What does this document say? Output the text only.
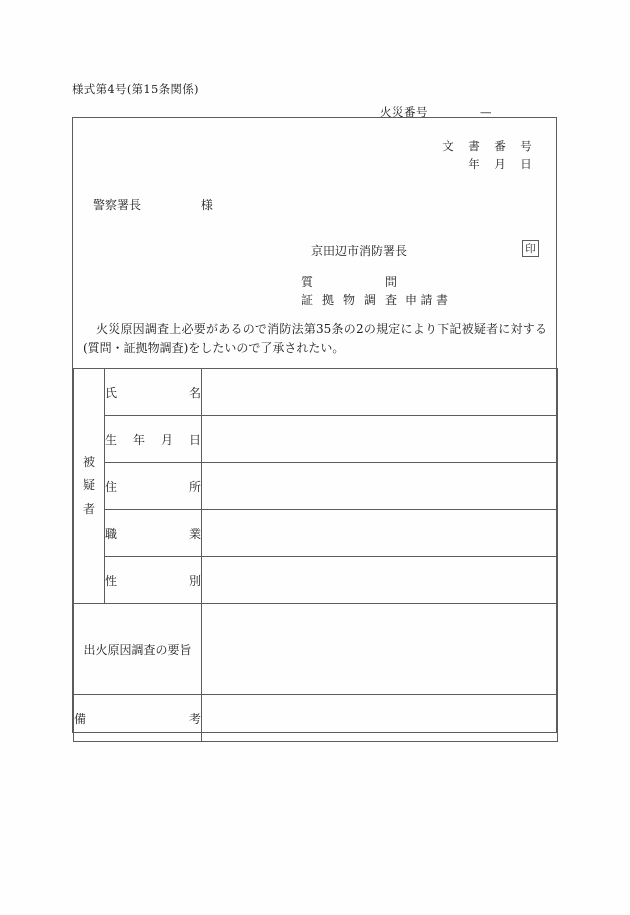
様式第4号(第15条関係)
火災番号	—
文	書	番	号
年	月	日
警察署長	様
京田辺市消防署長	印
質	問
証 拠 物 調 査 申請書
火災原因調査上必要があるので消防法第35条の2の規定により下記被疑者に対する(質問・証拠物調査)をしたいので了承されたい。
被
疑
者	氏 名	

	生 年 月 日	

	住 所	

	職 業	

	性 別	

出火原因調査の要旨		

備 考		
